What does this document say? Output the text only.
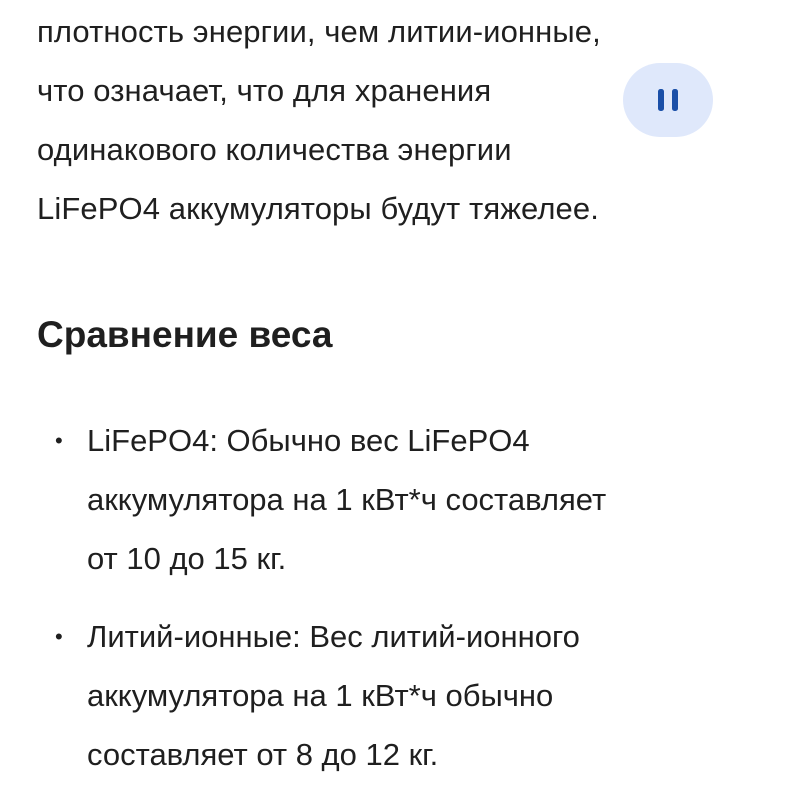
плотность энергии, чем литии-ионные,
что означает, что для хранения
одинакового количества энергии
LiFePO4 аккумуляторы будут тяжелее.
Сравнение веса
• LiFePO4: Обычно вес LiFePO4
аккумулятора на 1 кВт*ч составляет
от 10 до 15 кг.
• Литий-ионные: Вес литий-ионного
аккумулятора на 1 кВт*ч обычно
составляет от 8 до 12 кг.
